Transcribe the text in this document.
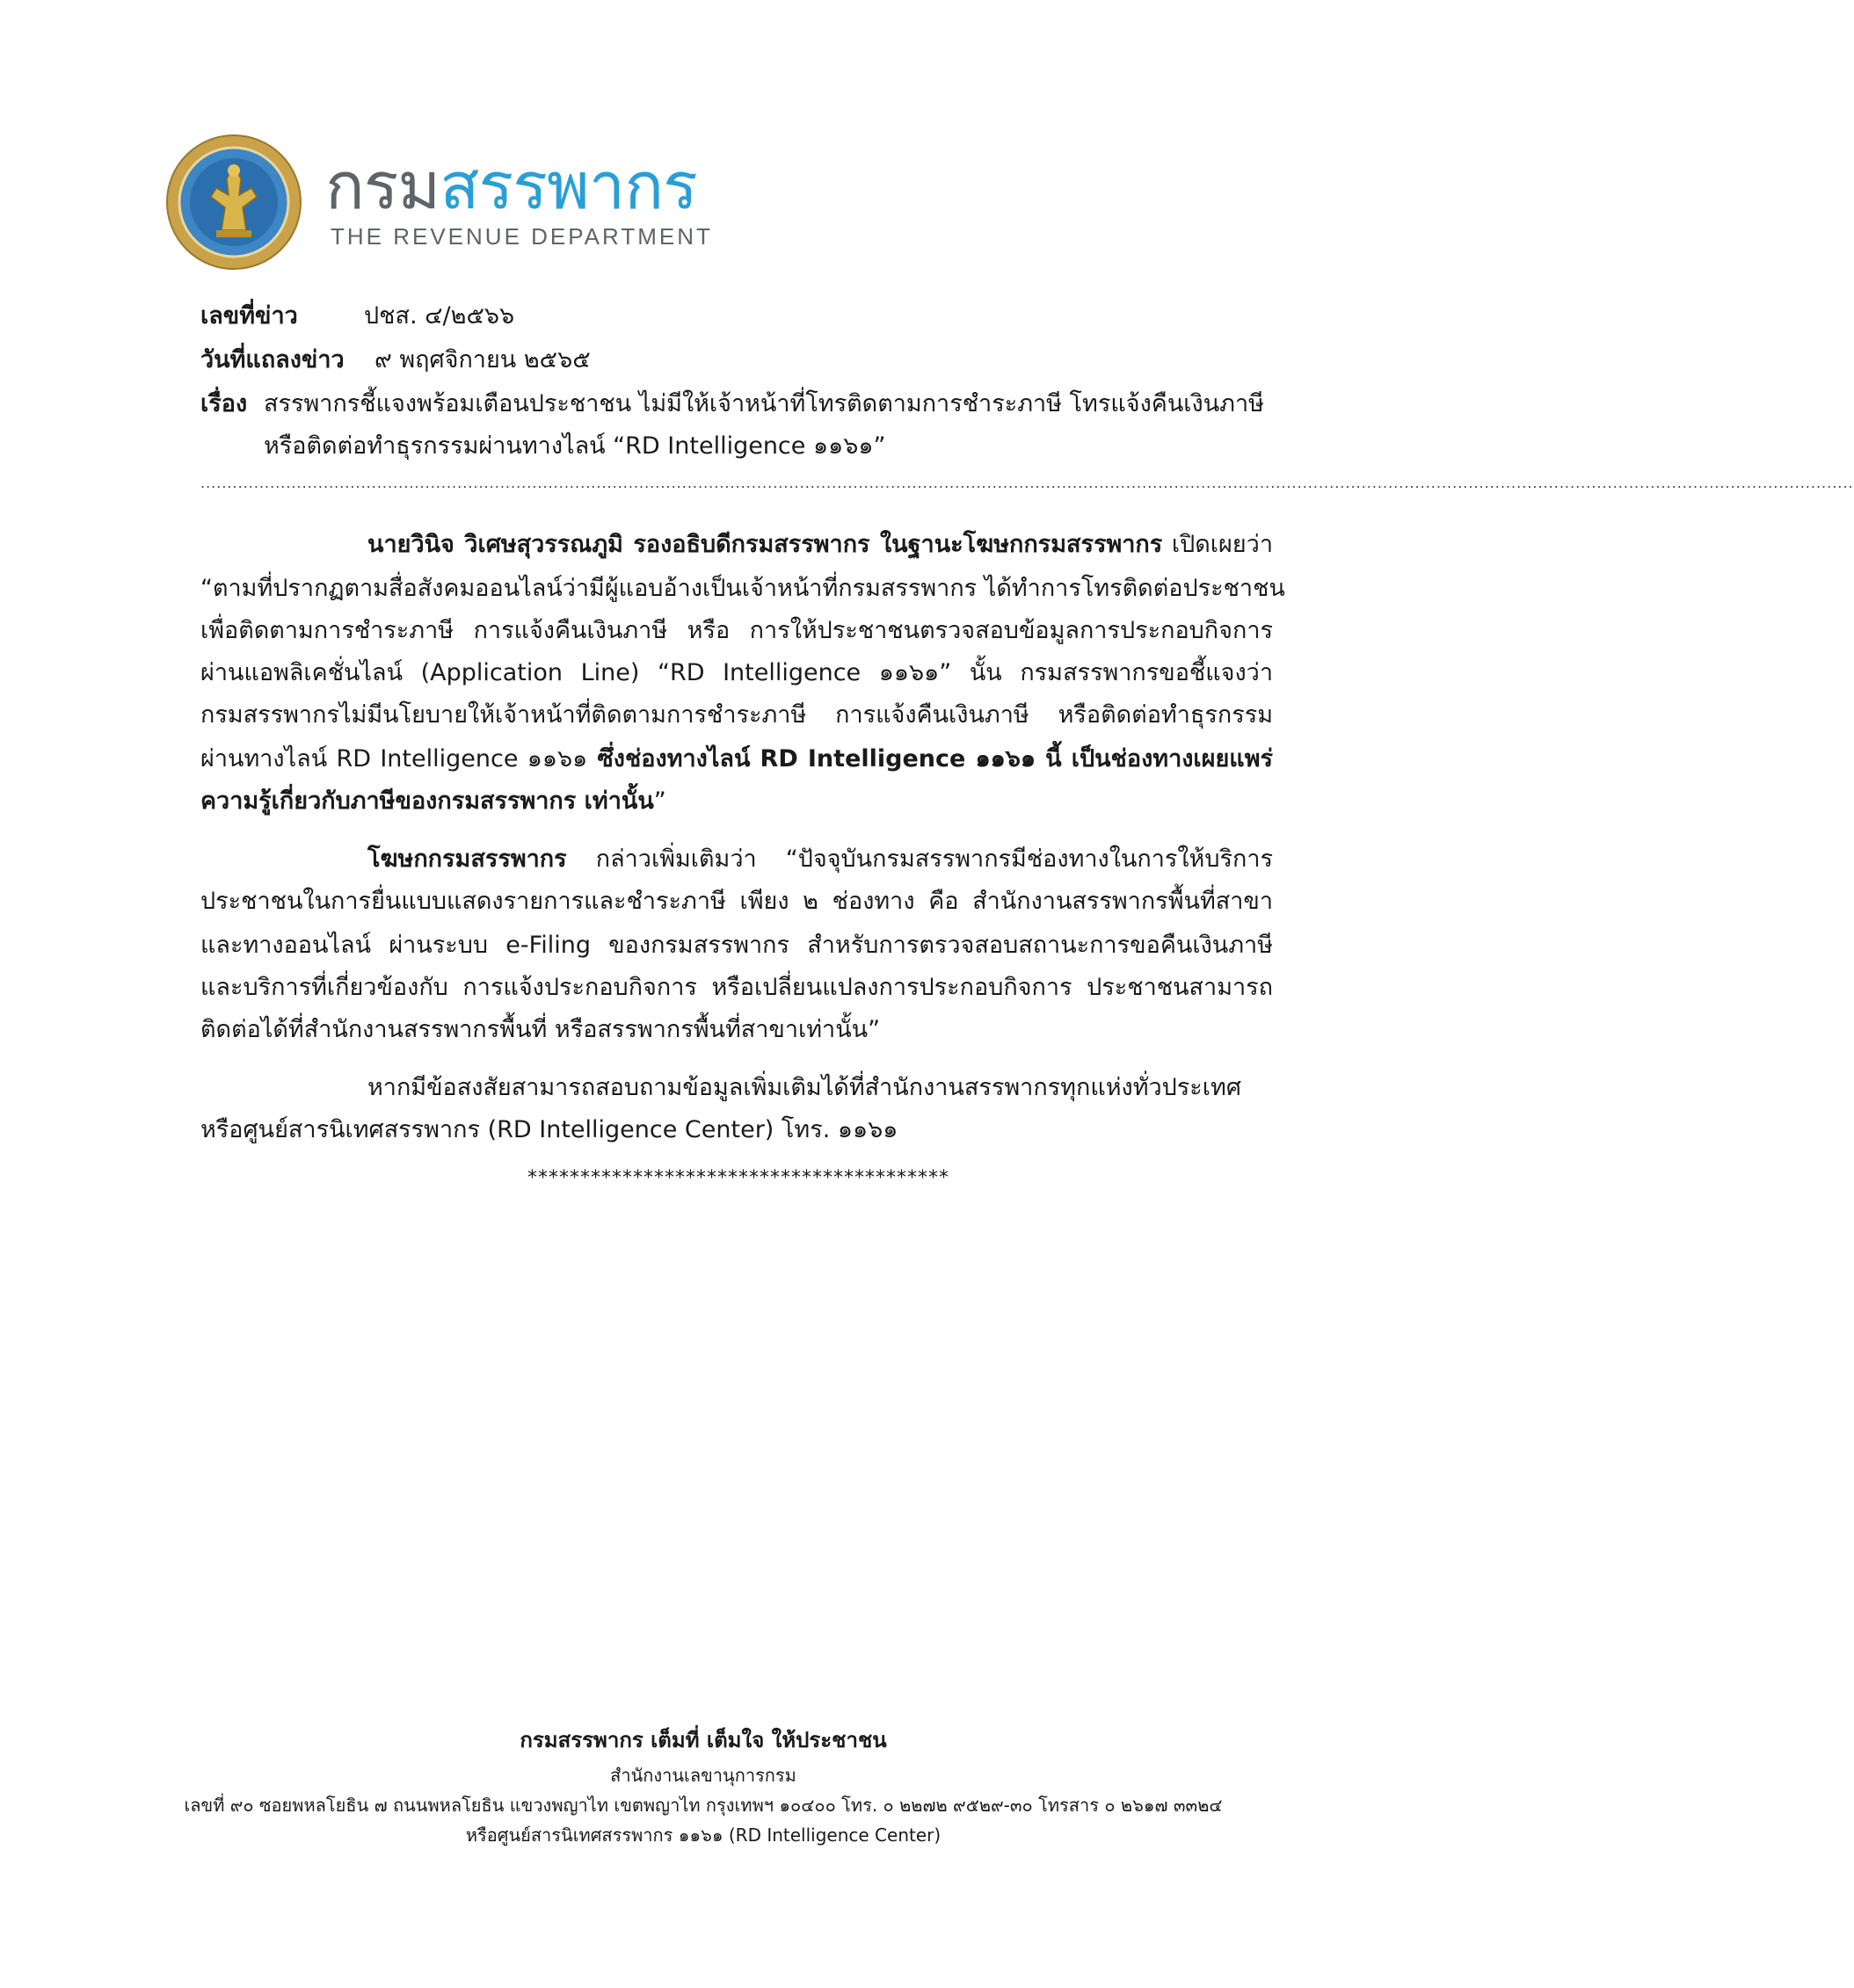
กรมสรรพากร
THE REVENUE DEPARTMENT
เลขที่ข่าว	ปชส. ๔/๒๕๖๖
วันที่แถลงข่าว ๙ พฤศจิกายน ๒๕๖๕
เรื่อง สรรพากรชี้แจงพร้อมเตือนประชาชน ไม่มีให้เจ้าหน้าที่โทรติดตามการชำระภาษี โทรแจ้งคืนเงินภาษี
หรือติดต่อทำธุรกรรมผ่านทางไลน์ “RD Intelligence ๑๑๖๑”
.....................................................................................................................................................................................................................................................................................................................
นายวินิจ วิเศษสุวรรณภูมิ รองอธิบดีกรมสรรพากร ในฐานะโฆษกกรมสรรพากร เปิดเผยว่า
“ตามที่ปรากฏตามสื่อสังคมออนไลน์ว่ามีผู้แอบอ้างเป็นเจ้าหน้าที่กรมสรรพากร ได้ทำการโทรติดต่อประชาชน
เพื่อติดตามการชำระภาษี การแจ้งคืนเงินภาษี หรือ การให้ประชาชนตรวจสอบข้อมูลการประกอบกิจการ
ผ่านแอพลิเคชั่นไลน์ (Application Line) “RD Intelligence ๑๑๖๑” นั้น กรมสรรพากรขอชี้แจงว่า
กรมสรรพากรไม่มีนโยบายให้เจ้าหน้าที่ติดตามการชำระภาษี การแจ้งคืนเงินภาษี หรือติดต่อทำธุรกรรม
ผ่านทางไลน์ RD Intelligence ๑๑๖๑ ซึ่งช่องทางไลน์ RD Intelligence ๑๑๖๑ นี้ เป็นช่องทางเผยแพร่
ความรู้เกี่ยวกับภาษีของกรมสรรพากร เท่านั้น”
โฆษกกรมสรรพากร กล่าวเพิ่มเติมว่า “ปัจจุบันกรมสรรพากรมีช่องทางในการให้บริการ
ประชาชนในการยื่นแบบแสดงรายการและชำระภาษี เพียง ๒ ช่องทาง คือ สำนักงานสรรพากรพื้นที่สาขา
และทางออนไลน์ ผ่านระบบ e-Filing ของกรมสรรพากร สำหรับการตรวจสอบสถานะการขอคืนเงินภาษี
และบริการที่เกี่ยวข้องกับ การแจ้งประกอบกิจการ หรือเปลี่ยนแปลงการประกอบกิจการ ประชาชนสามารถ
ติดต่อได้ที่สำนักงานสรรพากรพื้นที่ หรือสรรพากรพื้นที่สาขาเท่านั้น”
หากมีข้อสงสัยสามารถสอบถามข้อมูลเพิ่มเติมได้ที่สำนักงานสรรพากรทุกแห่งทั่วประเทศ
หรือศูนย์สารนิเทศสรรพากร (RD Intelligence Center) โทร. ๑๑๖๑
****************************************
กรมสรรพากร เต็มที่ เต็มใจ ให้ประชาชน
สำนักงานเลขานุการกรม
เลขที่ ๙๐ ซอยพหลโยธิน ๗ ถนนพหลโยธิน แขวงพญาไท เขตพญาไท กรุงเทพฯ ๑๐๔๐๐ โทร. ๐ ๒๒๗๒ ๙๕๒๙-๓๐ โทรสาร ๐ ๒๖๑๗ ๓๓๒๔
หรือศูนย์สารนิเทศสรรพากร ๑๑๖๑ (RD Intelligence Center)
